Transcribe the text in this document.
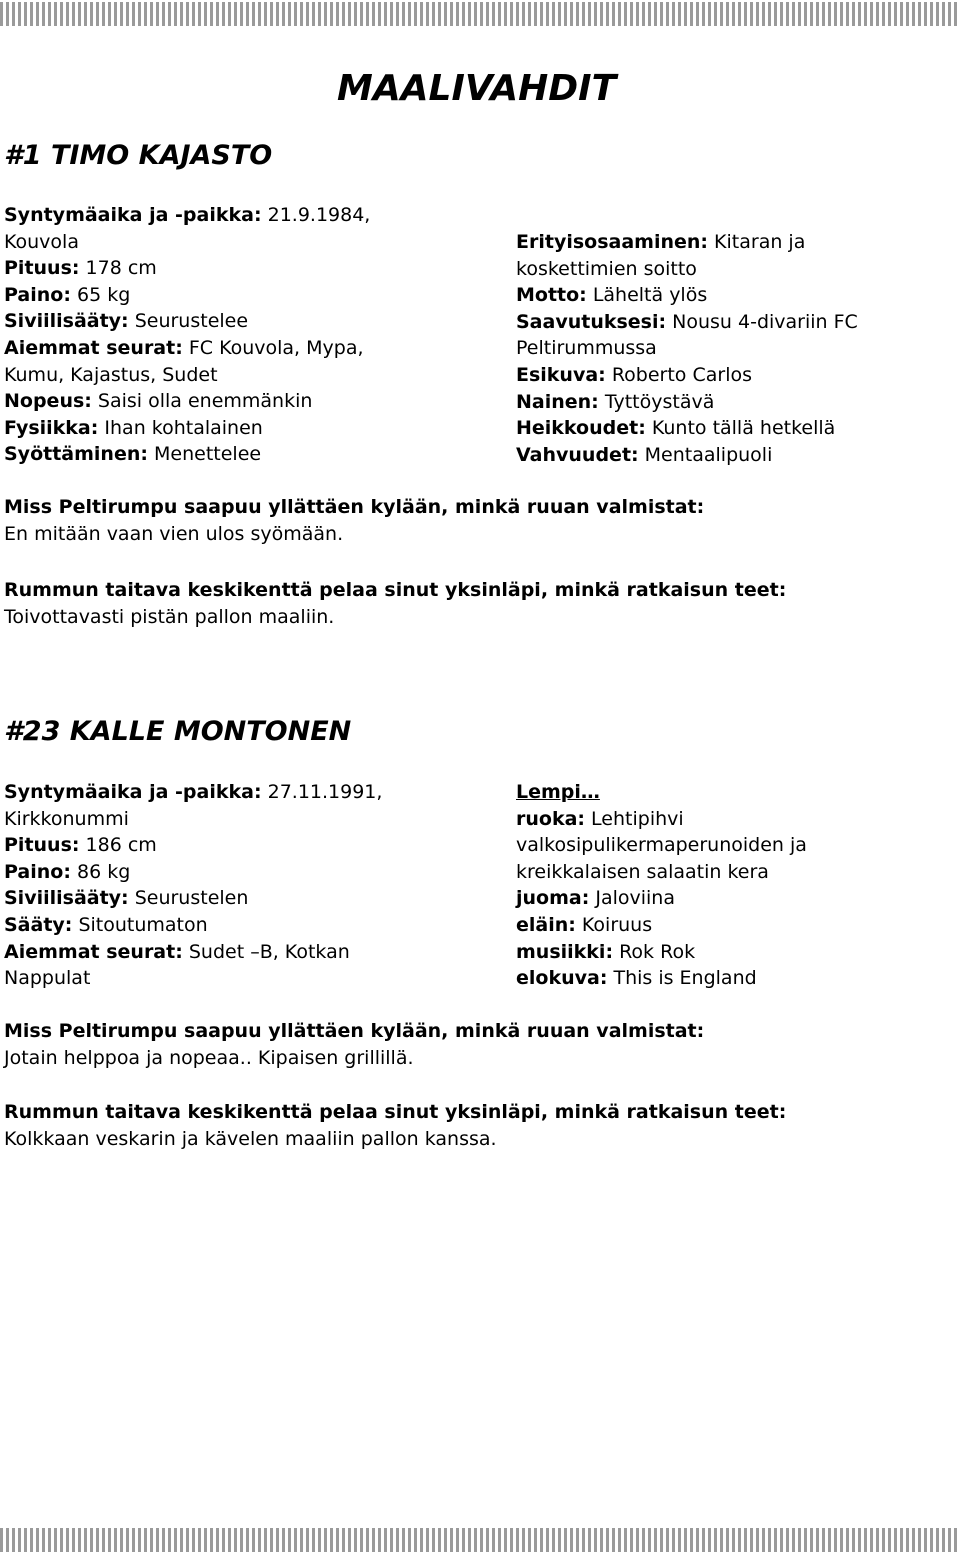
MAALIVAHDIT
#1 TIMO KAJASTO
Syntymäaika ja -paikka: 21.9.1984,
Kouvola
Pituus: 178 cm
Paino: 65 kg
Siviilisääty: Seurustelee
Aiemmat seurat: FC Kouvola, Mypa,
Kumu, Kajastus, Sudet
Nopeus: Saisi olla enemmänkin
Fysiikka: Ihan kohtalainen
Syöttäminen: Menettelee
Erityisosaaminen: Kitaran ja
koskettimien soitto
Motto: Läheltä ylös
Saavutuksesi: Nousu 4-divariin FC
Peltirummussa
Esikuva: Roberto Carlos
Nainen: Tyttöystävä
Heikkoudet: Kunto tällä hetkellä
Vahvuudet: Mentaalipuoli
Miss Peltirumpu saapuu yllättäen kylään, minkä ruuan valmistat:
En mitään vaan vien ulos syömään.
Rummun taitava keskikenttä pelaa sinut yksinläpi, minkä ratkaisun teet:
Toivottavasti pistän pallon maaliin.
#23 KALLE MONTONEN
Syntymäaika ja -paikka: 27.11.1991,
Kirkkonummi
Pituus: 186 cm
Paino: 86 kg
Siviilisääty: Seurustelen
Sääty: Sitoutumaton
Aiemmat seurat: Sudet –B, Kotkan
Nappulat
Lempi…
ruoka: Lehtipihvi
valkosipulikermaperunoiden ja
kreikkalaisen salaatin kera
juoma: Jaloviina
eläin: Koiruus
musiikki: Rok Rok
elokuva: This is England
Miss Peltirumpu saapuu yllättäen kylään, minkä ruuan valmistat:
Jotain helppoa ja nopeaa.. Kipaisen grillillä.
Rummun taitava keskikenttä pelaa sinut yksinläpi, minkä ratkaisun teet:
Kolkkaan veskarin ja kävelen maaliin pallon kanssa.
